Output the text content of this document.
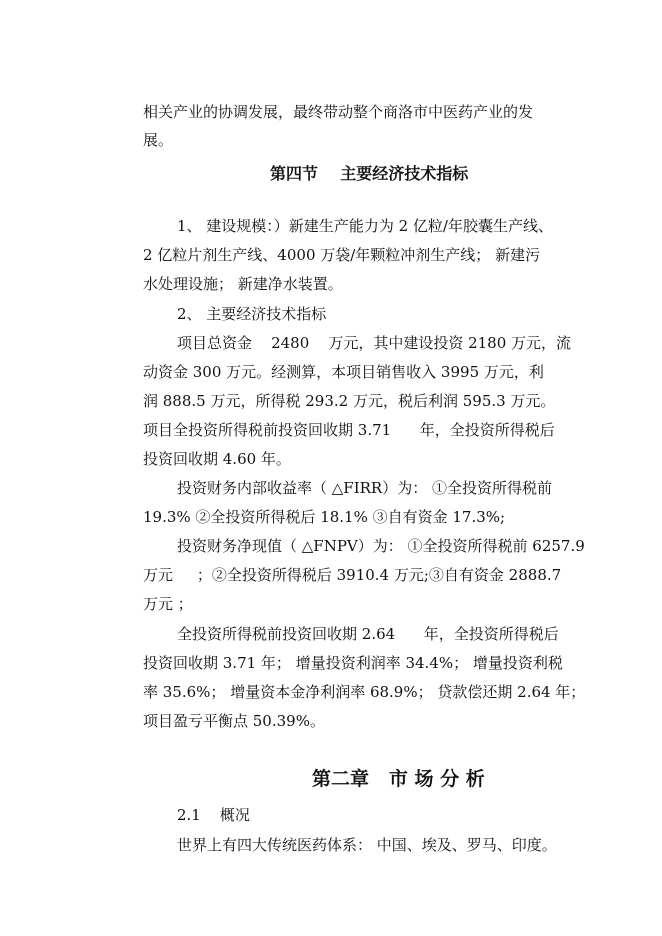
相关产业的协调发展，最终带动整个商洛市中医药产业的发
展。
第四节    主要经济技术指标
1、 建设规模：）新建生产能力为 2 亿粒/年胶囊生产线、
2 亿粒片剂生产线、4000 万袋/年颗粒冲剂生产线； 新建污
水处理设施； 新建净水装置。
2、 主要经济技术指标
项目总资金    2480    万元，其中建设投资 2180 万元，流
动资金 300 万元。经测算，本项目销售收入 3995 万元，利
润 888.5 万元，所得税 293.2 万元，税后利润 595.3 万元。
项目全投资所得税前投资回收期 3.71      年，全投资所得税后
投资回收期 4.60 年。
投资财务内部收益率（ △FIRR）为： ①全投资所得税前
19.3% ②全投资所得税后 18.1% ③自有资金 17.3%;
投资财务净现值（ △FNPV）为： ①全投资所得税前 6257.9
万元     ；②全投资所得税后 3910.4 万元;③自有资金 2888.7
万元 ；
全投资所得税前投资回收期 2.64      年，全投资所得税后
投资回收期 3.71 年； 增量投资利润率 34.4%； 增量投资利税
率 35.6%； 增量资本金净利润率 68.9%； 贷款偿还期 2.64 年；
项目盈亏平衡点 50.39%。
第二章   市 场 分 析
2.1    概况
世界上有四大传统医药体系： 中国、埃及、罗马、印度。
